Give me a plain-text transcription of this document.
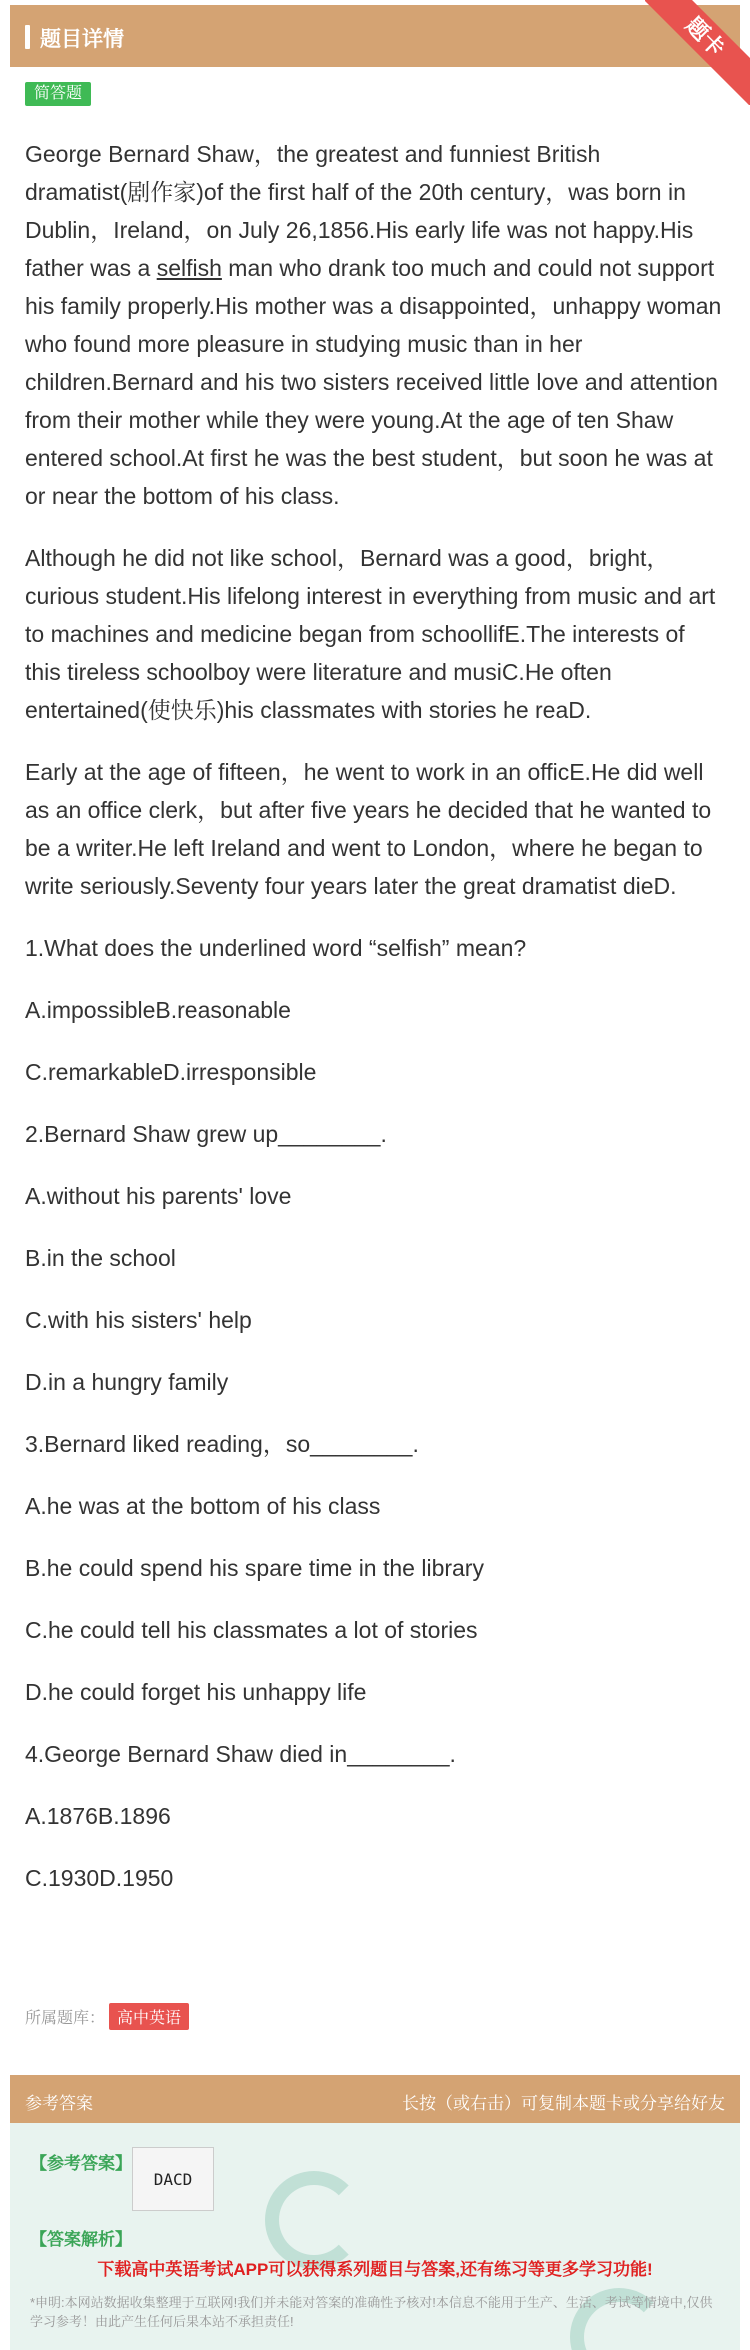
题目详情	题卡
简答题

George Bernard Shaw，the greatest and funniest British dramatist(剧作家)of the first half of the 20th century，was born in Dublin，Ireland，on July 26,1856.His early life was not happy.His father was a selfish man who drank too much and could not support his family properly.His mother was a disappointed，unhappy woman who found more pleasure in studying music than in her children.Bernard and his two sisters received little love and attention from their mother while they were young.At the age of ten Shaw entered school.At first he was the best student，but soon he was at or near the bottom of his class.

Although he did not like school，Bernard was a good，bright，curious student.His lifelong interest in everything from music and art to machines and medicine began from schoollifE.The interests of this tireless schoolboy were literature and musiC.He often entertained(使快乐)his classmates with stories he reaD.

Early at the age of fifteen，he went to work in an officE.He did well as an office clerk，but after five years he decided that he wanted to be a writer.He left Ireland and went to London，where he began to write seriously.Seventy four years later the great dramatist dieD.

1.What does the underlined word “selfish” mean?
A.impossibleB.reasonable
C.remarkableD.irresponsible
2.Bernard Shaw grew up________.
A.without his parents' love
B.in the school
C.with his sisters' help
D.in a hungry family
3.Bernard liked reading，so________.
A.he was at the bottom of his class
B.he could spend his spare time in the library
C.he could tell his classmates a lot of stories
D.he could forget his unhappy life
4.George Bernard Shaw died in________.
A.1876B.1896
C.1930D.1950
所属题库： 高中英语
参考答案	长按（或右击）可复制本题卡或分享给好友
【参考答案】
DACD
【答案解析】
下载高中英语考试APP可以获得系列题目与答案,还有练习等更多学习功能!
*申明:本网站数据收集整理于互联网!我们并未能对答案的准确性予核对!本信息不能用于生产、生活、考试等情境中,仅供学习参考！由此产生任何后果本站不承担责任!
